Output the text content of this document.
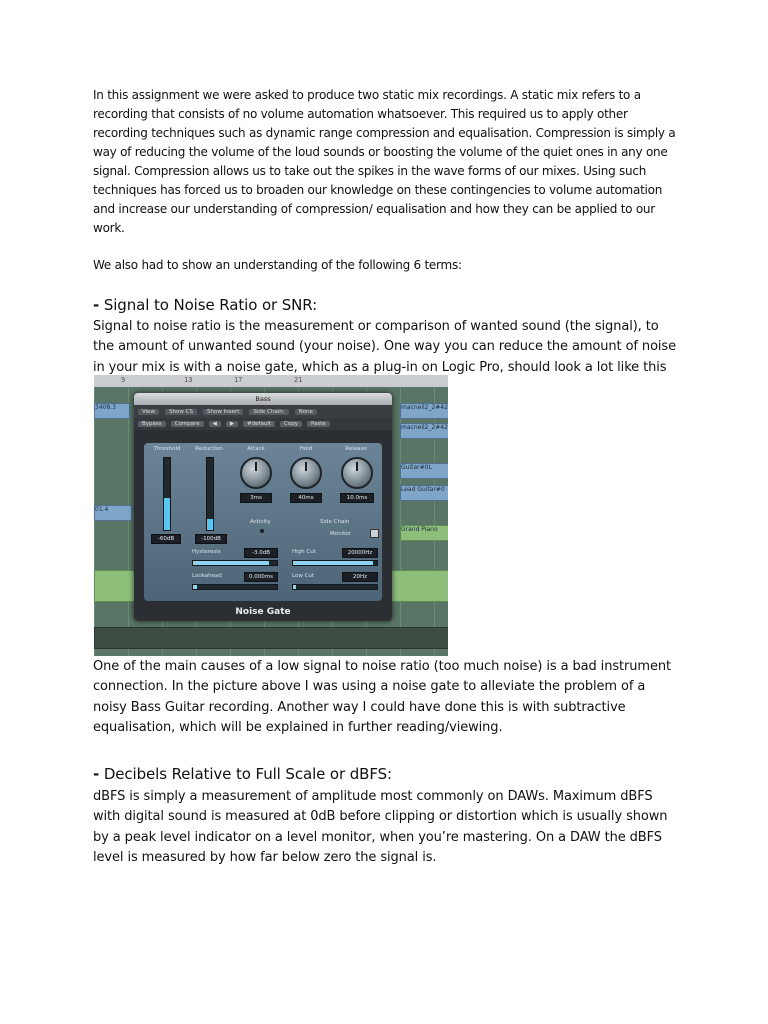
In this assignment we were asked to produce two static mix recordings. A static mix refers to a recording that consists of no volume automation whatsoever. This required us to apply other recording techniques such as dynamic range compression and equalisation. Compression is simply a way of reducing the volume of the loud sounds or boosting the volume of the quiet ones in any one signal. Compression allows us to take out the spikes in the wave forms of our mixes. Using such techniques has forced us to broaden our knowledge on these contingencies to volume automation and increase our understanding of compression/ equalisation and how they can be applied to our work.

We also had to show an understanding of the following 6 terms:

- Signal to Noise Ratio or SNR:

Signal to noise ratio is the measurement or comparison of wanted sound (the signal), to the amount of unwanted sound (your noise). One way you can reduce the amount of noise in your mix is with a noise gate, which as a plug-in on Logic Pro, should look a lot like this

9	13	17	21
3408.3
01.4
macneil2_2#42
macneil2_2#42
Guitar#0L
Lead Guitar#0
Grand Piano
Bass
View	Show CS	Show Insert	Side Chain:	None
Bypass	Compare	◀	▶	#default	Copy	Paste
Threshold
-60dB
Reduction
-100dB
Attack
3ms
Hold
40ms
Release
10.0ms
Activity	Side Chain
Monitor
Hysteresis	-3.0dB
Lookahead	0.000ms
High Cut	20000Hz
Low Cut	20Hz
Noise Gate

One of the main causes of a low signal to noise ratio (too much noise) is a bad instrument connection. In the picture above I was using a noise gate to alleviate the problem of a noisy Bass Guitar recording. Another way I could have done this is with subtractive equalisation, which will be explained in further reading/viewing.

- Decibels Relative to Full Scale or dBFS:

dBFS is simply a measurement of amplitude most commonly on DAWs. Maximum dBFS with digital sound is measured at 0dB before clipping or distortion which is usually shown by a peak level indicator on a level monitor, when you’re mastering. On a DAW the dBFS level is measured by how far below zero the signal is.
